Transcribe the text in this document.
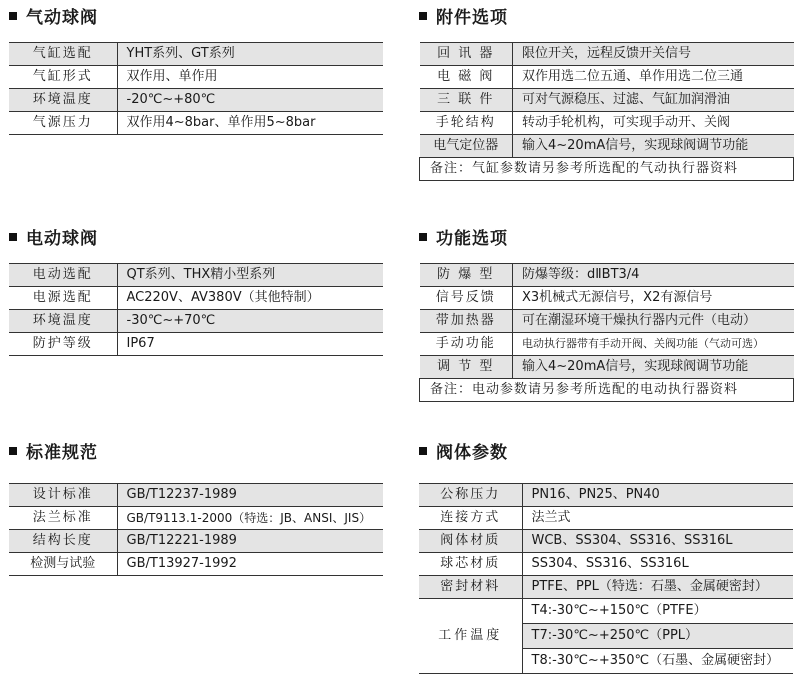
气动球阀
气缸选配	YHT系列、GT系列
气缸形式	双作用、单作用
环境温度	-20℃~+80℃
气源压力	双作用4~8bar、单作用5~8bar
附件选项
回 讯 器	限位开关，远程反馈开关信号
电 磁 阀	双作用选二位五通、单作用选二位三通
三 联 件	可对气源稳压、过滤、气缸加润滑油
手轮结构	转动手轮机构，可实现手动开、关阀
电气定位器	输入4~20mA信号，实现球阀调节功能
备注：气缸参数请另参考所选配的气动执行器资料	
电动球阀
电动选配	QT系列、THX精小型系列
电源选配	AC220V、AV380V（其他特制）
环境温度	-30℃~+70℃
防护等级	IP67
功能选项
防 爆 型	防爆等级：dⅡBT3/4
信号反馈	X3机械式无源信号，X2有源信号
带加热器	可在潮湿环境干燥执行器内元件（电动）
手动功能	电动执行器带有手动开阀、关阀功能（气动可选）
调 节 型	输入4~20mA信号，实现球阀调节功能
备注：电动参数请另参考所选配的电动执行器资料	
标准规范
设计标准	GB/T12237-1989
法兰标准	GB/T9113.1-2000（特选：JB、ANSI、JIS）
结构长度	GB/T12221-1989
检测与试验	GB/T13927-1992
阀体参数
公称压力	PN16、PN25、PN40
连接方式	法兰式
阀体材质	WCB、SS304、SS316、SS316L
球芯材质	SS304、SS316、SS316L
密封材料	PTFE、PPL（特选：石墨、金属硬密封）
工作温度	T4:-30℃~+150℃（PTFE）
	T7:-30℃~+250℃（PPL）
	T8:-30℃~+350℃（石墨、金属硬密封）
